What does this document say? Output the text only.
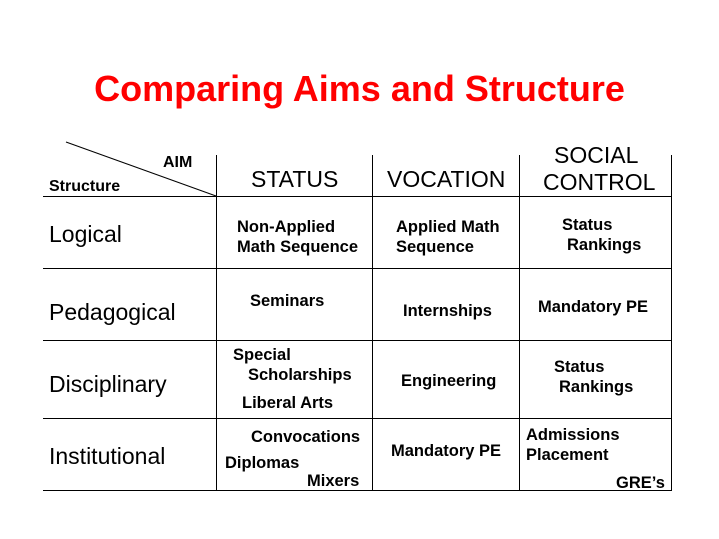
Comparing Aims and Structure
AIM
Structure	STATUS VOCATION
SOCIAL
CONTROL
Logical
Pedagogical
Disciplinary
Institutional
Non-Applied
Math Sequence
Applied Math
Sequence
Status
Rankings
Seminars
Internships	Mandatory PE
Special
Scholarships
Liberal Arts
Engineering
Status
Rankings
Convocations
Diplomas
Mixers
Mandatory PE
Admissions
Placement
GRE’s
